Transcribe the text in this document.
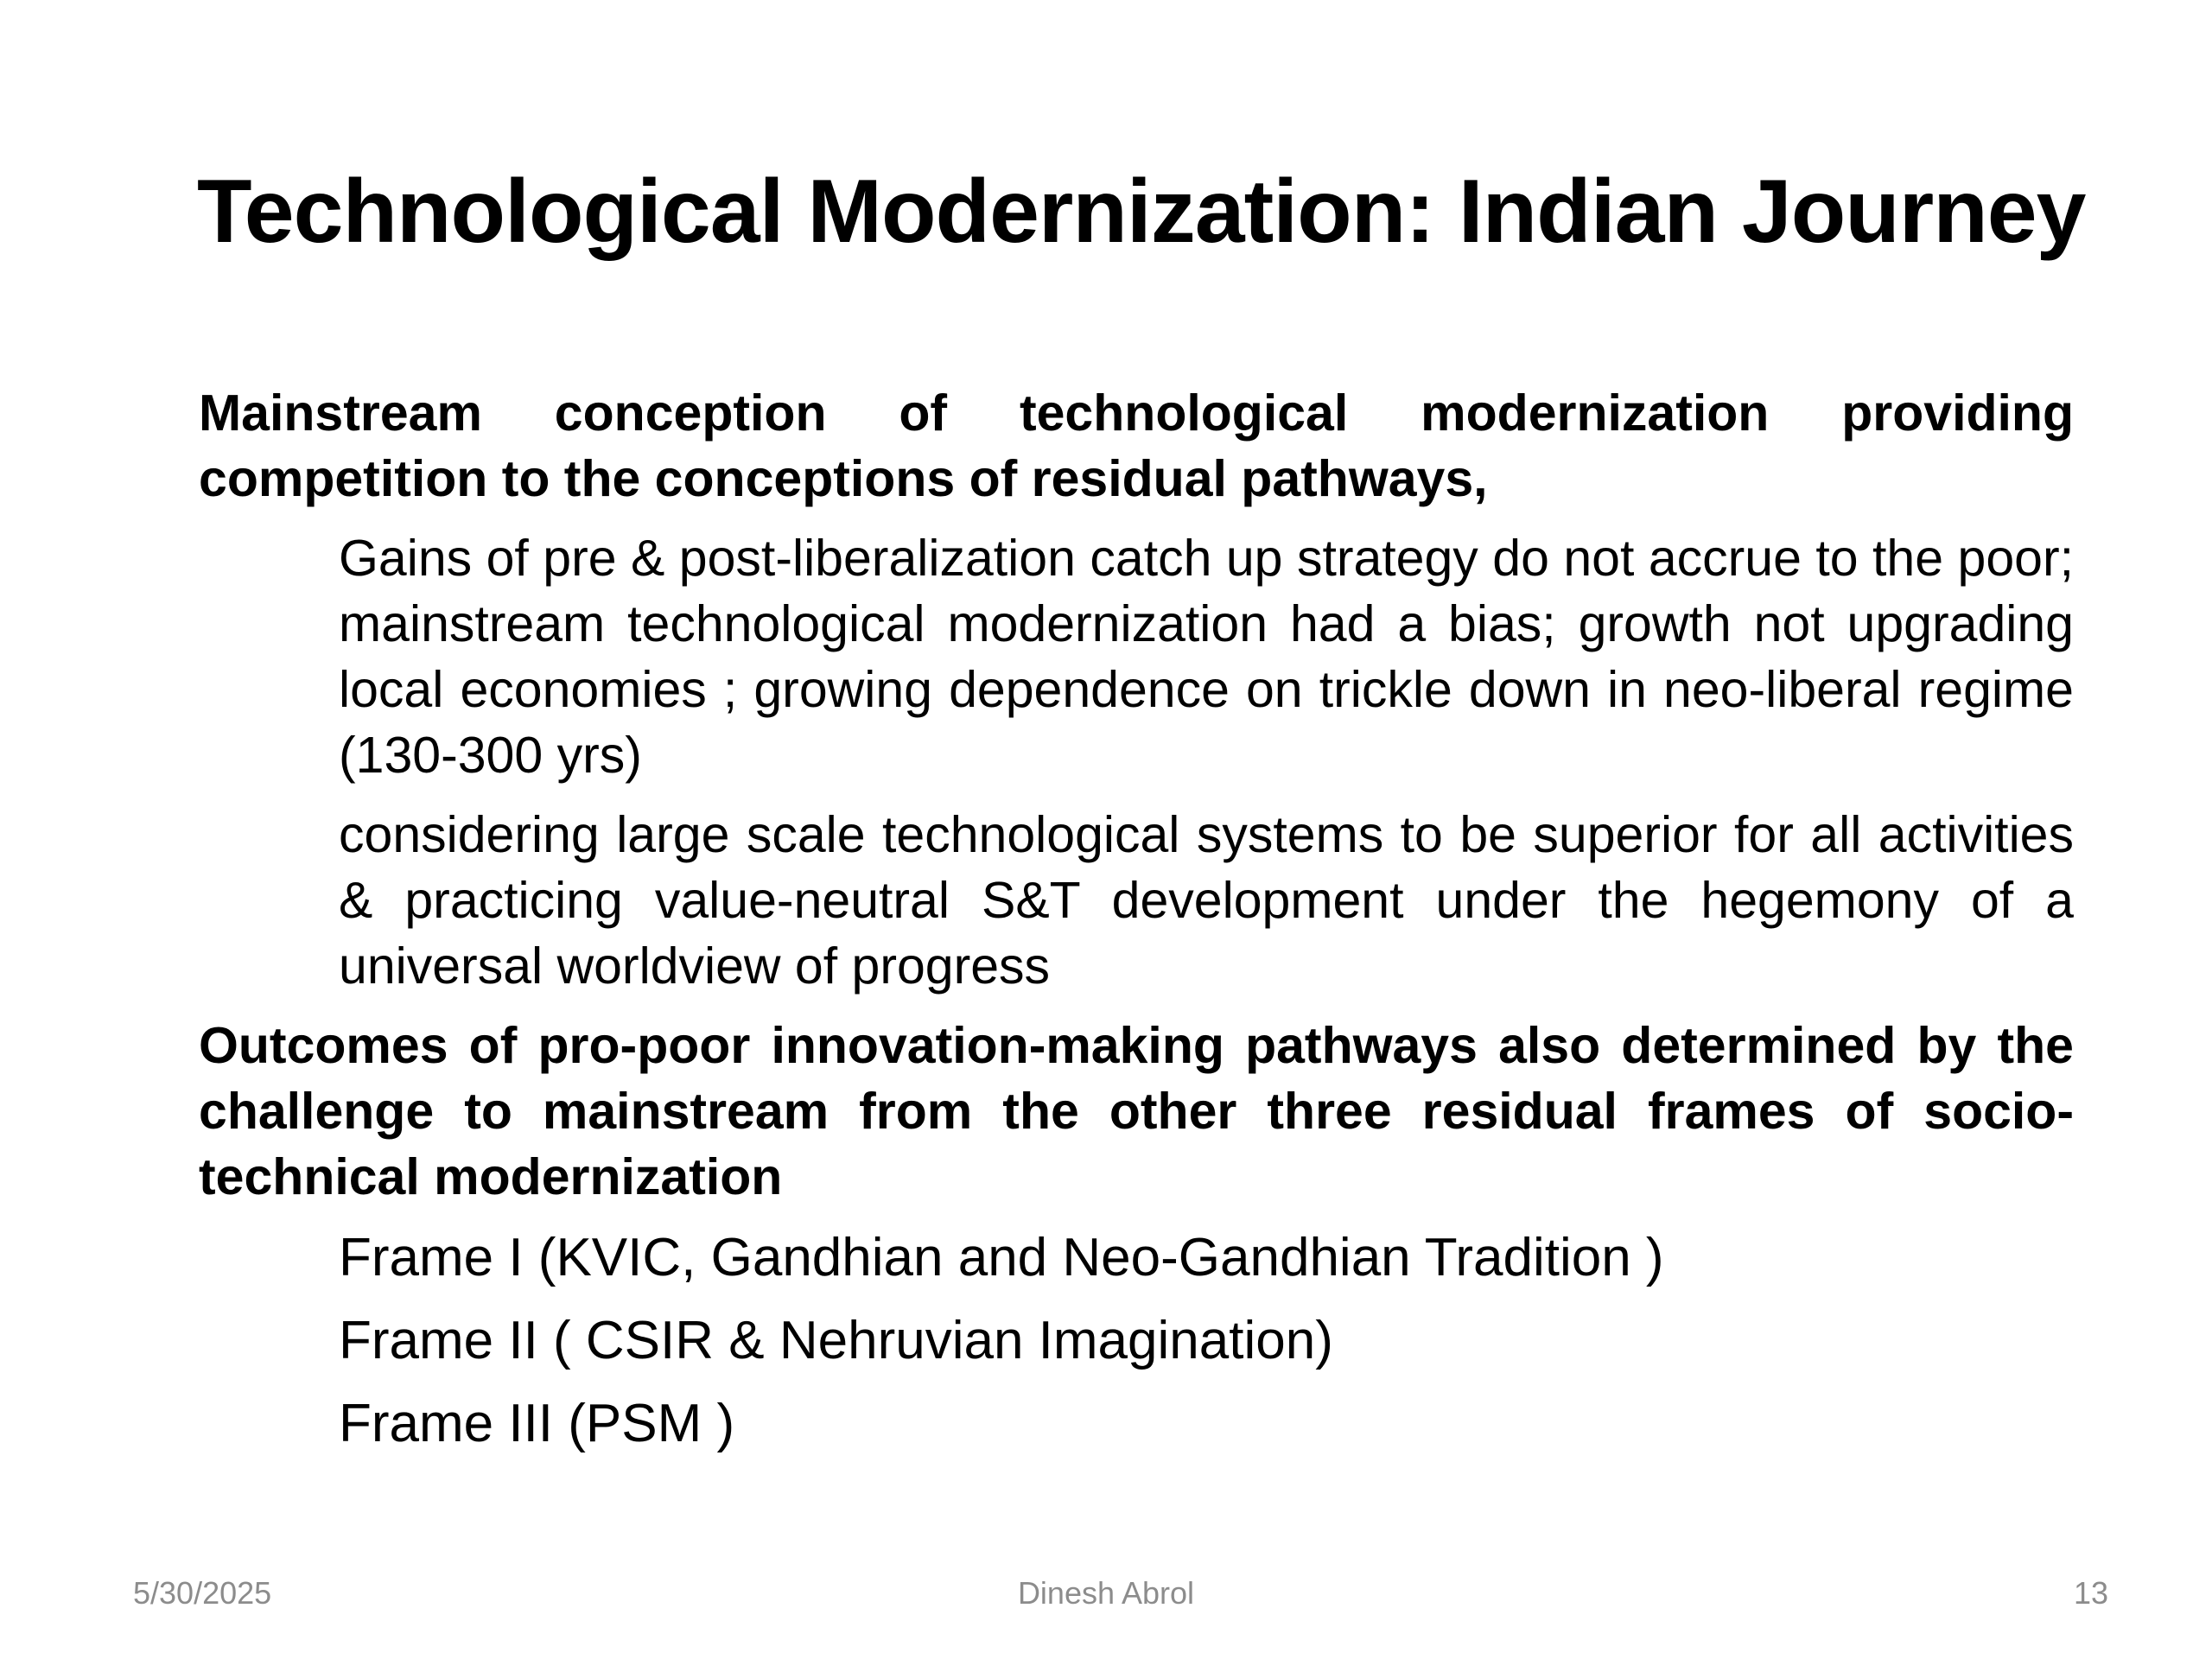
Technological Modernization: Indian Journey

Mainstream conception of technological modernization providing competition to the conceptions of residual pathways,

Gains of pre & post-liberalization catch up strategy do not accrue to the poor; mainstream technological modernization had a bias; growth not upgrading local economies ; growing dependence on trickle down in neo-liberal regime (130-300 yrs)

considering large scale technological systems to be superior for all activities & practicing value-neutral S&T development under the hegemony of a universal worldview of progress

Outcomes of pro-poor innovation-making pathways also determined by the challenge to mainstream from the other three residual frames of socio-technical modernization

Frame I (KVIC, Gandhian and Neo-Gandhian Tradition )

Frame II ( CSIR & Nehruvian Imagination)

Frame III (PSM )

5/30/2025	Dinesh Abrol	13
